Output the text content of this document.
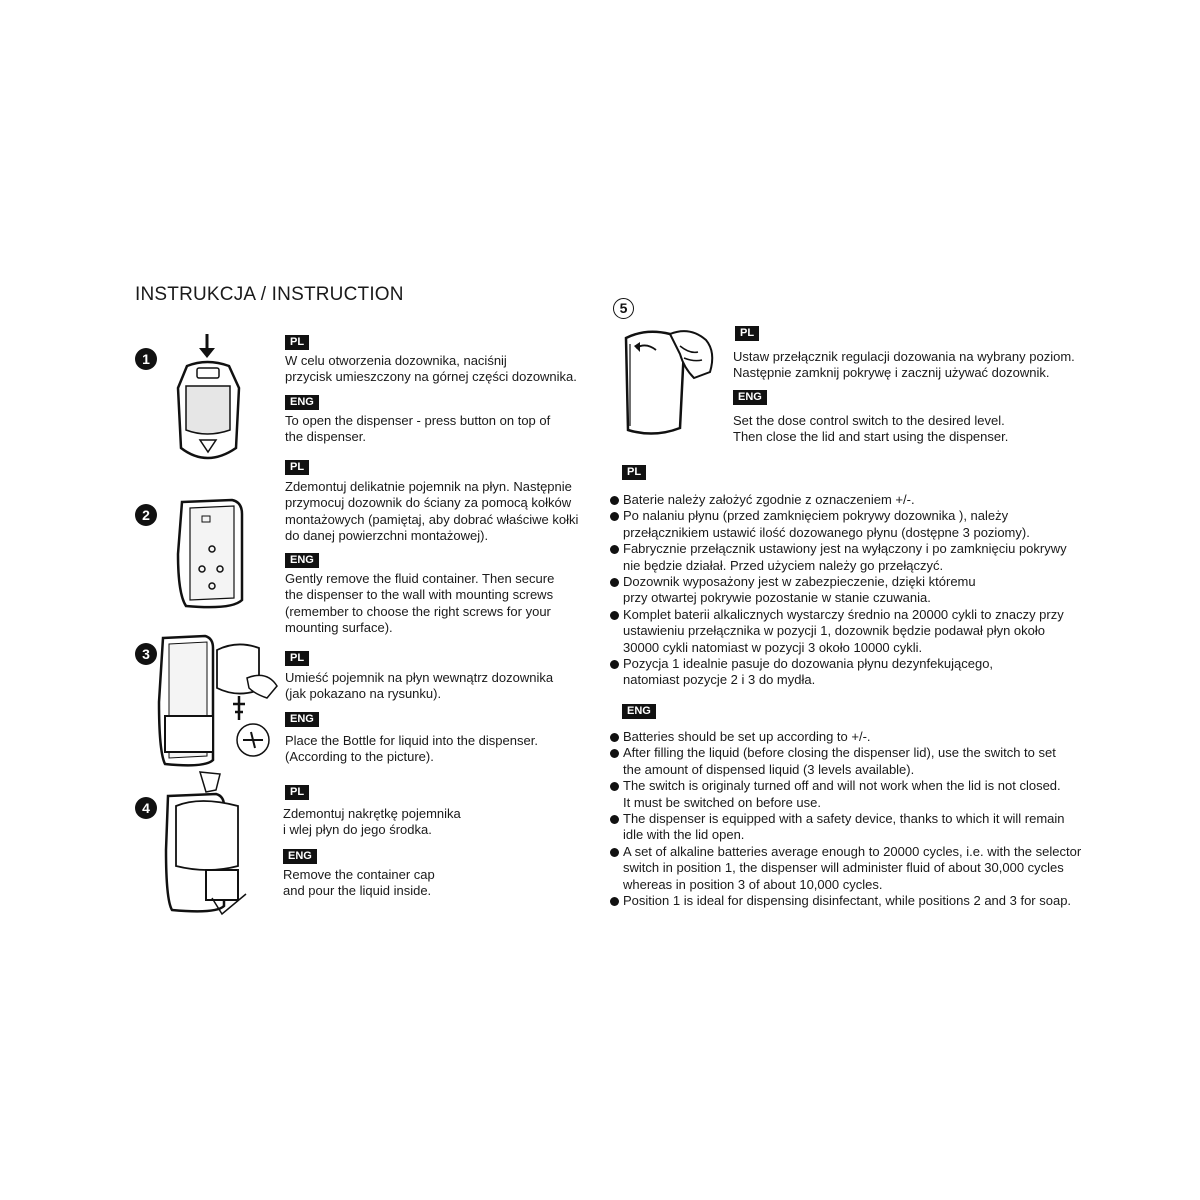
INSTRUKCJA / INSTRUCTION
1
PL
W celu otworzenia dozownika, naciśnij
przycisk umieszczony na górnej części dozownika.
ENG
To open the dispenser - press button on top of
the dispenser.
2
PL
Zdemontuj delikatnie pojemnik na płyn. Następnie
przymocuj dozownik do ściany za pomocą kołków
montażowych (pamiętaj, aby dobrać właściwe kołki
do danej powierzchni montażowej).
ENG
Gently remove the fluid container. Then secure
the dispenser to the wall with mounting screws
(remember to choose the right screws for your
mounting surface).
3	PL
Umieść pojemnik na płyn wewnątrz dozownika
(jak pokazano na rysunku).
ENG
Place the Bottle for liquid into the dispenser.
(According to the picture).
4
PL
Zdemontuj nakrętkę pojemnika
i wlej płyn do jego środka.
ENG
Remove the container cap
and pour the liquid inside.
5
PL
Ustaw przełącznik regulacji dozowania na wybrany poziom.
Następnie zamknij pokrywę i zacznij używać dozownik.
ENG
Set the dose control switch to the desired level.
Then close the lid and start using the dispenser.
PL
Baterie należy założyć zgodnie z oznaczeniem +/-.
Po nalaniu płynu (przed zamknięciem pokrywy dozownika ), należy
przełącznikiem ustawić ilość dozowanego płynu (dostępne 3 poziomy).
Fabrycznie przełącznik ustawiony jest na wyłączony i po zamknięciu pokrywy
nie będzie działał. Przed użyciem należy go przełączyć.
Dozownik wyposażony jest w zabezpieczenie, dzięki któremu
przy otwartej pokrywie pozostanie w stanie czuwania.
Komplet baterii alkalicznych wystarczy średnio na 20000 cykli to znaczy przy
ustawieniu przełącznika w pozycji 1, dozownik będzie podawał płyn około
30000 cykli natomiast w pozycji 3 około 10000 cykli.
Pozycja 1 idealnie pasuje do dozowania płynu dezynfekującego,
natomiast pozycje 2 i 3 do mydła.
ENG
Batteries should be set up according to +/-.
After filling the liquid (before closing the dispenser lid), use the switch to set
the amount of dispensed liquid (3 levels available).
The switch is originaly turned off and will not work when the lid is not closed.
It must be switched on before use.
The dispenser is equipped with a safety device, thanks to which it will remain
idle with the lid open.
A set of alkaline batteries average enough to 20000 cycles, i.e. with the selector
switch in position 1, the dispenser will administer fluid of about 30,000 cycles
whereas in position 3 of about 10,000 cycles.
Position 1 is ideal for dispensing disinfectant, while positions 2 and 3 for soap.
